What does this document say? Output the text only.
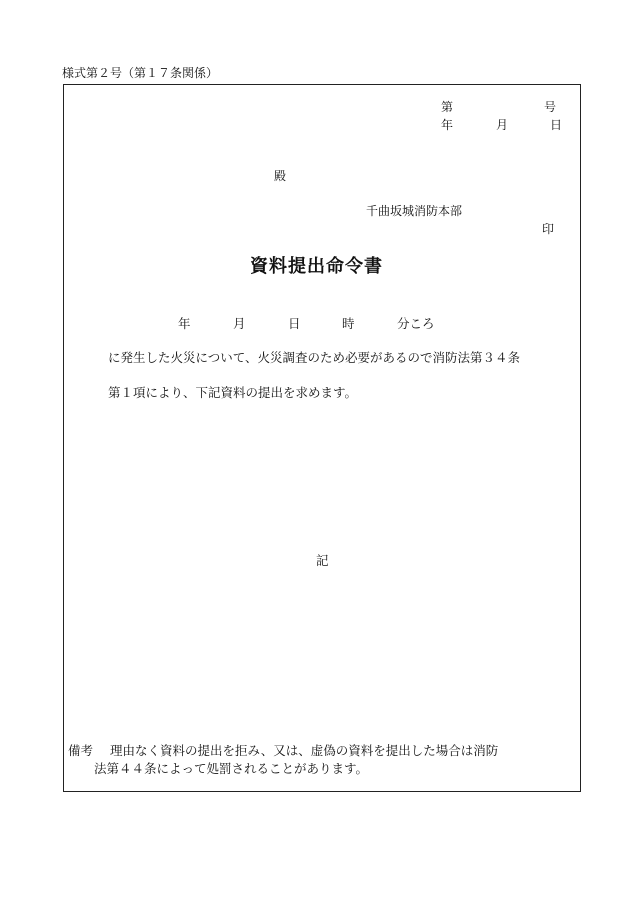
様式第２号（第１７条関係）
第	号
年	月	日
殿
千曲坂城消防本部
印
資料提出命令書
年	月	日	時	分ころ
に発生した火災について、火災調査のため必要があるので消防法第３４条
第１項により、下記資料の提出を求めます。
記
備考 理由なく資料の提出を拒み、又は、虚偽の資料を提出した場合は消防
法第４４条によって処罰されることがあります。
